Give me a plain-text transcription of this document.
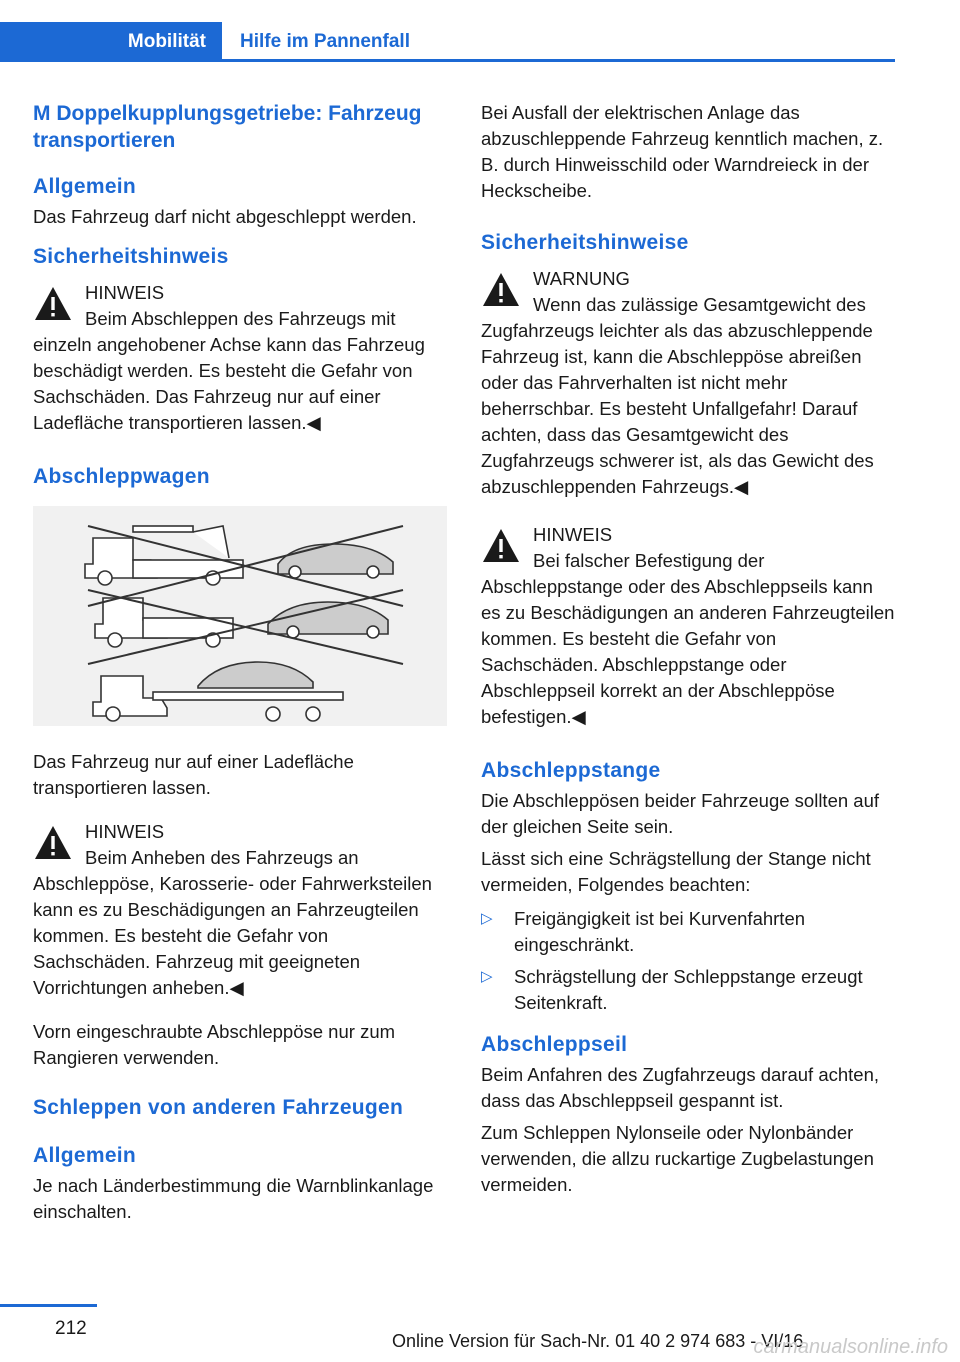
Mobilität	Hilfe im Pannenfall
M Doppelkupplungsgetriebe: Fahrzeug transportieren
Allgemein
Das Fahrzeug darf nicht abgeschleppt werden.
Sicherheitshinweis
HINWEIS
Beim Abschleppen des Fahrzeugs mit einzeln angehobener Achse kann das Fahrzeug beschädigt werden. Es besteht die Gefahr von Sachschäden. Das Fahrzeug nur auf einer Ladefläche transportieren lassen.◀
Abschleppwagen
Das Fahrzeug nur auf einer Ladefläche transportieren lassen.
HINWEIS
Beim Anheben des Fahrzeugs an Abschleppöse, Karosserie- oder Fahrwerksteilen kann es zu Beschädigungen an Fahrzeugteilen kommen. Es besteht die Gefahr von Sachschäden. Fahrzeug mit geeigneten Vorrichtungen anheben.◀
Vorn eingeschraubte Abschleppöse nur zum Rangieren verwenden.
Schleppen von anderen Fahrzeugen
Allgemein
Je nach Länderbestimmung die Warnblinkanlage einschalten.
Bei Ausfall der elektrischen Anlage das abzuschleppende Fahrzeug kenntlich machen, z. B. durch Hinweisschild oder Warndreieck in der Heckscheibe.
Sicherheitshinweise
WARNUNG
Wenn das zulässige Gesamtgewicht des Zugfahrzeugs leichter als das abzuschleppende Fahrzeug ist, kann die Abschleppöse abreißen oder das Fahrverhalten ist nicht mehr beherrschbar. Es besteht Unfallgefahr! Darauf achten, dass das Gesamtgewicht des Zugfahrzeugs schwerer ist, als das Gewicht des abzuschleppenden Fahrzeugs.◀
HINWEIS
Bei falscher Befestigung der Abschleppstange oder des Abschleppseils kann es zu Beschädigungen an anderen Fahrzeugteilen kommen. Es besteht die Gefahr von Sachschäden. Abschleppstange oder Abschleppseil korrekt an der Abschleppöse befestigen.◀
Abschleppstange
Die Abschleppösen beider Fahrzeuge sollten auf der gleichen Seite sein.
Lässt sich eine Schrägstellung der Stange nicht vermeiden, Folgendes beachten:
▷ Freigängigkeit ist bei Kurvenfahrten eingeschränkt.
▷ Schrägstellung der Schleppstange erzeugt Seitenkraft.
Abschleppseil
Beim Anfahren des Zugfahrzeugs darauf achten, dass das Abschleppseil gespannt ist.
Zum Schleppen Nylonseile oder Nylonbänder verwenden, die allzu ruckartige Zugbelastungen vermeiden.
212
Online Version für Sach-Nr. 01 40 2 974 683 - VI/16
carmanualsonline.info
